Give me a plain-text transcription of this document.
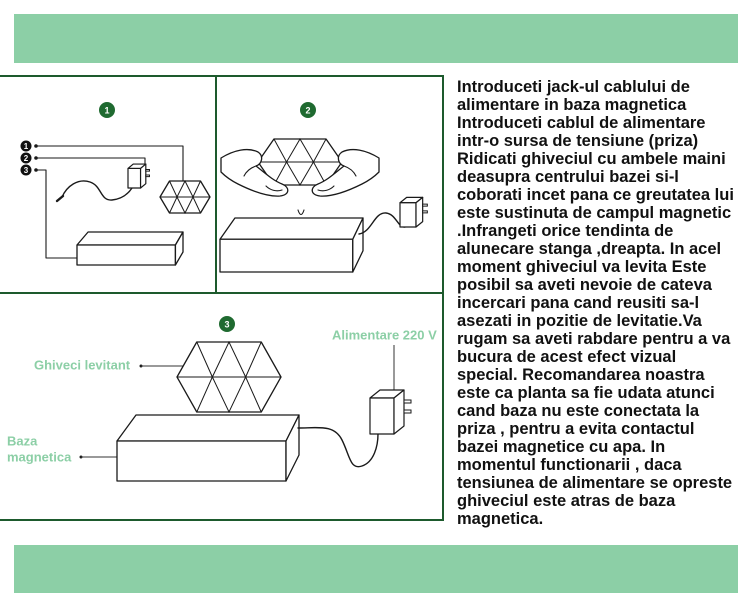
1
1
2
3
2
3
Ghiveci levitant
Alimentare 220 V
Baza
magnetica
Introduceti jack-ul cablului de
alimentare in baza magnetica
Introduceti cablul de alimentare
intr-o sursa de tensiune (priza)
Ridicati ghiveciul cu ambele maini
deasupra centrului bazei si-l
coborati incet pana ce greutatea lui
este sustinuta de campul magnetic
.Infrangeti orice tendinta de
alunecare stanga ,dreapta. In acel
moment ghiveciul va levita Este
posibil sa aveti nevoie de cateva
incercari pana cand reusiti sa-l
asezati in pozitie de levitatie.Va
rugam sa aveti rabdare pentru a va
bucura de acest efect vizual
special. Recomandarea noastra
este ca planta sa fie udata atunci
cand baza nu este conectata la
priza , pentru a evita contactul
bazei magnetice cu apa. In
momentul functionarii , daca
tensiunea de alimentare se opreste
ghiveciul este atras de baza
magnetica.
